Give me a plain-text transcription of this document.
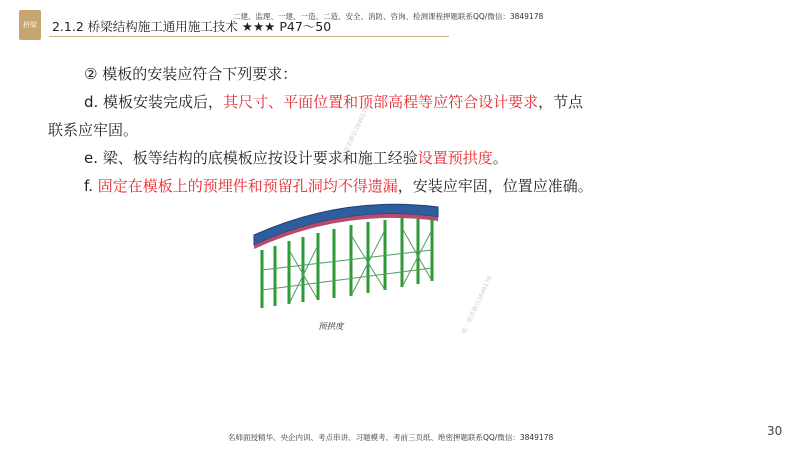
桥梁 2.1.2 桥梁结构施工通用施工技术 ★★★ P47～50
二建、监理、一建、一造、二造、安全、消防、咨询、检测课程押题联系QQ/微信：3849178

② 模板的安装应符合下列要求：

d. 模板安装完成后，其尺寸、平面位置和顶部高程等应符合设计要求，节点

联系应牢固。

e. 梁、板等结构的底模板应按设计要求和施工经验设置预拱度。

f. 固定在模板上的预埋件和预留孔洞均不得遗漏，安装应牢固，位置应准确。

预拱度
唯一联系微信3849178
唯一联系微信3849178
名师面授精华、央企内训、考点串讲、习题模考、考前三页纸、绝密押题联系QQ/微信：3849178	30
